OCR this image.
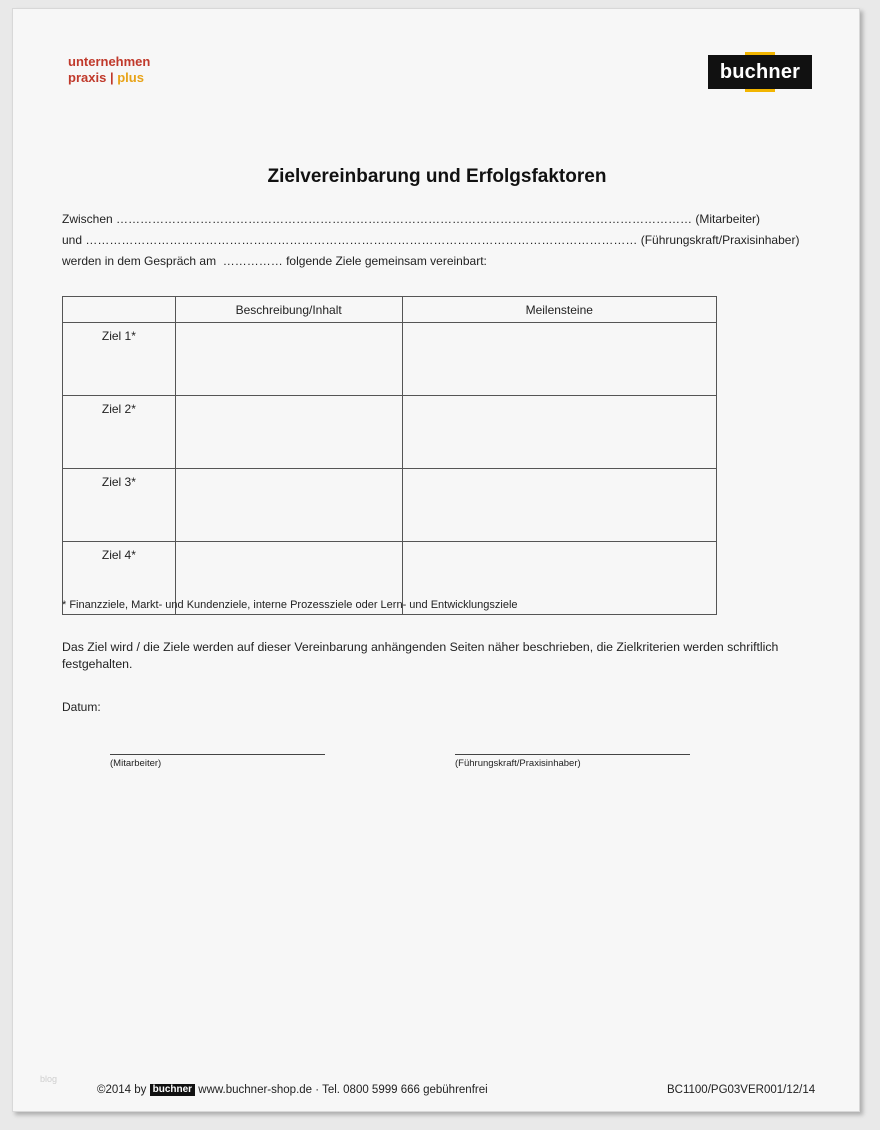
unternehmen
praxis | plus	buchner
Zielvereinbarung und Erfolgsfaktoren
Zwischen ……………………………………………………………………………………………………………………………… (Mitarbeiter)
und ………………………………………………………………………………………………………………………… (Führungskraft/Praxisinhaber)
werden in dem Gespräch am …………… folgende Ziele gemeinsam vereinbart:
	Beschreibung/Inhalt	Meilensteine
Ziel 1*		
Ziel 2*		
Ziel 3*		
Ziel 4*		
* Finanzziele, Markt- und Kundenziele, interne Prozessziele oder Lern- und Entwicklungsziele
Das Ziel wird / die Ziele werden auf dieser Vereinbarung anhängenden Seiten näher beschrieben, die Zielkriterien werden schriftlich festgehalten.
Datum:
(Mitarbeiter)	(Führungskraft/Praxisinhaber)
blog
©2014 by buchner www.buchner-shop.de · Tel. 0800 5999 666 gebührenfrei	BC1100/PG03VER001/12/14
